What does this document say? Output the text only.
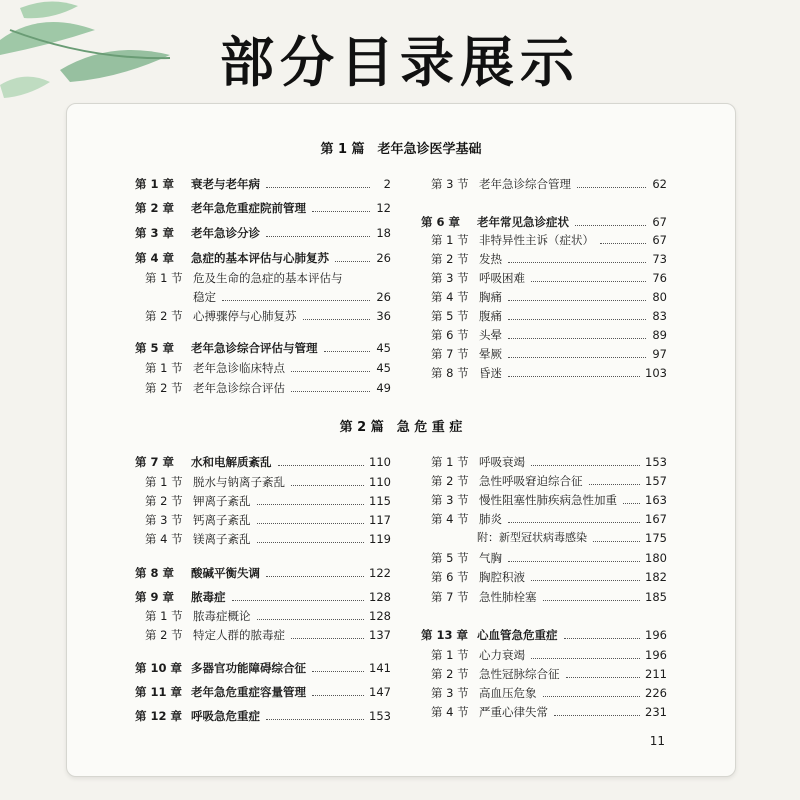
部分目录展示
第 1 篇　老年急诊医学基础
第 1 章	衰老与老年病	2
第 2 章	老年急危重症院前管理	12
第 3 章	老年急诊分诊	18
第 4 章	急症的基本评估与心肺复苏	26
第 1 节 危及生命的急症的基本评估与
稳定	26
第 2 节 心搏骤停与心肺复苏	36
第 5 章	老年急诊综合评估与管理	45
第 1 节 老年急诊临床特点	45
第 2 节 老年急诊综合评估	49
第 3 节 老年急诊综合管理	62
第 6 章	老年常见急诊症状	67
第 1 节 非特异性主诉（症状）	67
第 2 节 发热	73
第 3 节 呼吸困难	76
第 4 节 胸痛	80
第 5 节 腹痛	83
第 6 节 头晕	89
第 7 节 晕厥	97
第 8 节 昏迷	103
第 2 篇　急 危 重 症
第 7 章	水和电解质紊乱	110
第 1 节 脱水与钠离子紊乱	110
第 2 节 钾离子紊乱	115
第 3 节 钙离子紊乱	117
第 4 节 镁离子紊乱	119
第 8 章	酸碱平衡失调	122
第 9 章	脓毒症	128
第 1 节 脓毒症概论	128
第 2 节 特定人群的脓毒症	137
第 10 章 多器官功能障碍综合征	141
第 11 章 老年急危重症容量管理	147
第 12 章 呼吸急危重症	153
第 1 节 呼吸衰竭	153
第 2 节 急性呼吸窘迫综合征	157
第 3 节 慢性阻塞性肺疾病急性加重 163
第 4 节 肺炎	167
附：新型冠状病毒感染	175
第 5 节 气胸	180
第 6 节 胸腔积液	182
第 7 节 急性肺栓塞	185
第 13 章 心血管急危重症	196
第 1 节 心力衰竭	196
第 2 节 急性冠脉综合征	211
第 3 节 高血压危象	226
第 4 节 严重心律失常	231
11
